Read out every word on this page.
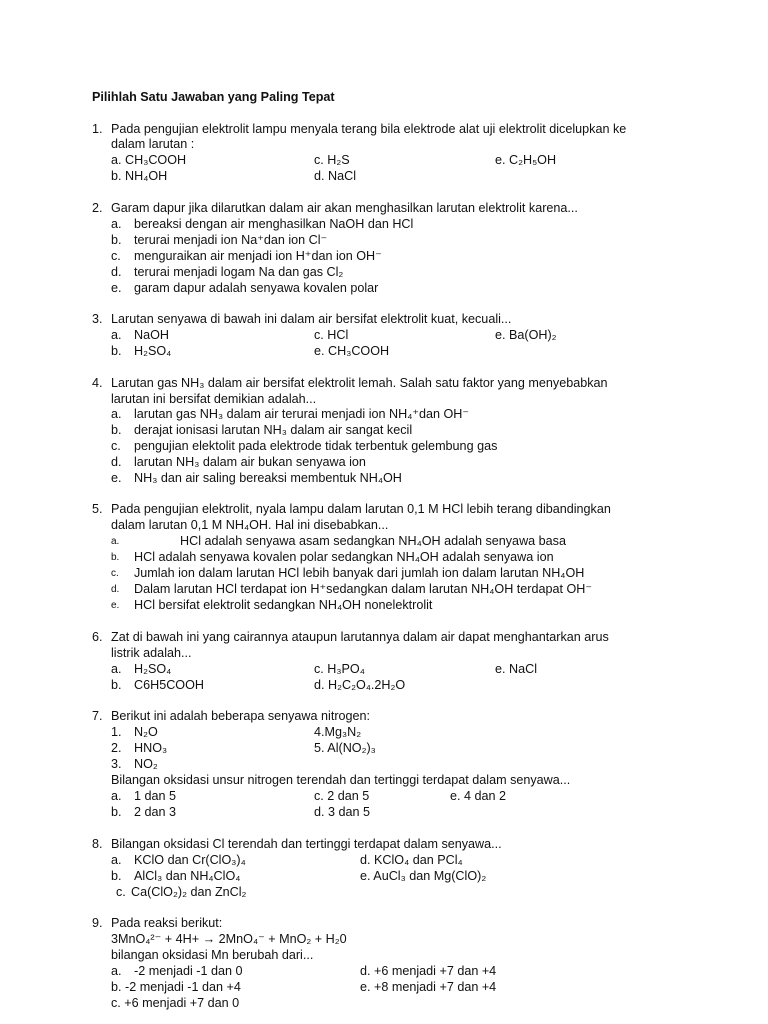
Pilihlah Satu Jawaban yang Paling Tepat
1. Pada pengujian elektrolit lampu menyala terang bila elektrode alat uji elektrolit dicelupkan ke
dalam larutan :
a. CH₃COOH	c. H₂S	e. C₂H₅OH
b. NH₄OH	d. NaCl
2. Garam dapur jika dilarutkan dalam air akan menghasilkan larutan elektrolit karena...
a. bereaksi dengan air menghasilkan NaOH dan HCl
b. terurai menjadi ion Na⁺dan ion Cl⁻
c. menguraikan air menjadi ion H⁺dan ion OH⁻
d. terurai menjadi logam Na dan gas Cl₂
e. garam dapur adalah senyawa kovalen polar
3. Larutan senyawa di bawah ini dalam air bersifat elektrolit kuat, kecuali...
a. NaOH	c. HCl	e. Ba(OH)₂
b. H₂SO₄	e. CH₃COOH
4. Larutan gas NH₃ dalam air bersifat elektrolit lemah. Salah satu faktor yang menyebabkan
larutan ini bersifat demikian adalah...
a. larutan gas NH₃ dalam air terurai menjadi ion NH₄⁺dan OH⁻
b. derajat ionisasi larutan NH₃ dalam air sangat kecil
c. pengujian elektolit pada elektrode tidak terbentuk gelembung gas
d. larutan NH₃ dalam air bukan senyawa ion
e. NH₃ dan air saling bereaksi membentuk NH₄OH
5. Pada pengujian elektrolit, nyala lampu dalam larutan 0,1 M HCl lebih terang dibandingkan
dalam larutan 0,1 M NH₄OH. Hal ini disebabkan...
a.	HCl adalah senyawa asam sedangkan NH₄OH adalah senyawa basa
b. HCl adalah senyawa kovalen polar sedangkan NH₄OH adalah senyawa ion
c. Jumlah ion dalam larutan HCl lebih banyak dari jumlah ion dalam larutan NH₄OH
d. Dalam larutan HCl terdapat ion H⁺sedangkan dalam larutan NH₄OH terdapat OH⁻
e. HCl bersifat elektrolit sedangkan NH₄OH nonelektrolit
6. Zat di bawah ini yang cairannya ataupun larutannya dalam air dapat menghantarkan arus
listrik adalah...
a. H₂SO₄	c. H₃PO₄	e. NaCl
b. C6H5COOH	d. H₂C₂O₄.2H₂O
7. Berikut ini adalah beberapa senyawa nitrogen:
1. N₂O	4.Mg₃N₂
2. HNO₃	5. Al(NO₂)₃
3. NO₂
Bilangan oksidasi unsur nitrogen terendah dan tertinggi terdapat dalam senyawa...
a. 1 dan 5	c. 2 dan 5	e. 4 dan 2
b. 2 dan 3	d. 3 dan 5
8. Bilangan oksidasi Cl terendah dan tertinggi terdapat dalam senyawa...
a. KClO dan Cr(ClO₃)₄	d. KClO₄ dan PCl₄
b. AlCl₃ dan NH₄ClO₄	e. AuCl₃ dan Mg(ClO)₂
c. Ca(ClO₂)₂ dan ZnCl₂
9. Pada reaksi berikut:
3MnO₄²⁻ + 4H+ → 2MnO₄⁻ + MnO₂ + H₂0
bilangan oksidasi Mn berubah dari...
a. -2 menjadi -1 dan 0	d. +6 menjadi +7 dan +4
b. -2 menjadi -1 dan +4	e. +8 menjadi +7 dan +4
c. +6 menjadi +7 dan 0
